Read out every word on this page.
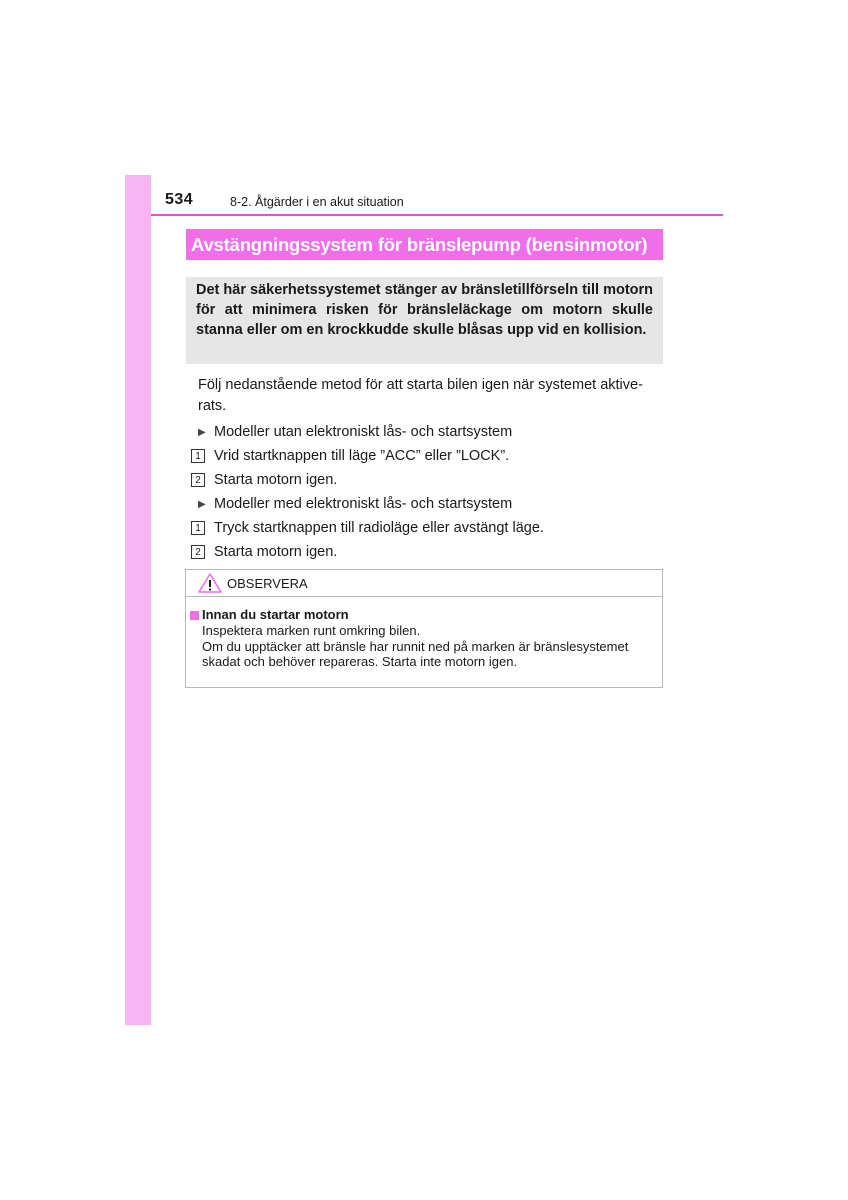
534	8-2. Åtgärder i en akut situation
Avstängningssystem för bränslepump (bensinmotor)

Det här säkerhetssystemet stänger av bränsletillförseln till motorn för att minimera risken för bränsleläckage om motorn skulle stanna eller om en krockkudde skulle blåsas upp vid en kollision.

Följ nedanstående metod för att starta bilen igen när systemet aktive-rats.

▶ Modeller utan elektroniskt lås- och startsystem
1 Vrid startknappen till läge ”ACC” eller ”LOCK”.
2 Starta motorn igen.
▶ Modeller med elektroniskt lås- och startsystem
1 Tryck startknappen till radioläge eller avstängt läge.
2 Starta motorn igen.
OBSERVERA
Innan du startar motorn
Inspektera marken runt omkring bilen.
Om du upptäcker att bränsle har runnit ned på marken är bränslesystemet
skadat och behöver repareras. Starta inte motorn igen.
